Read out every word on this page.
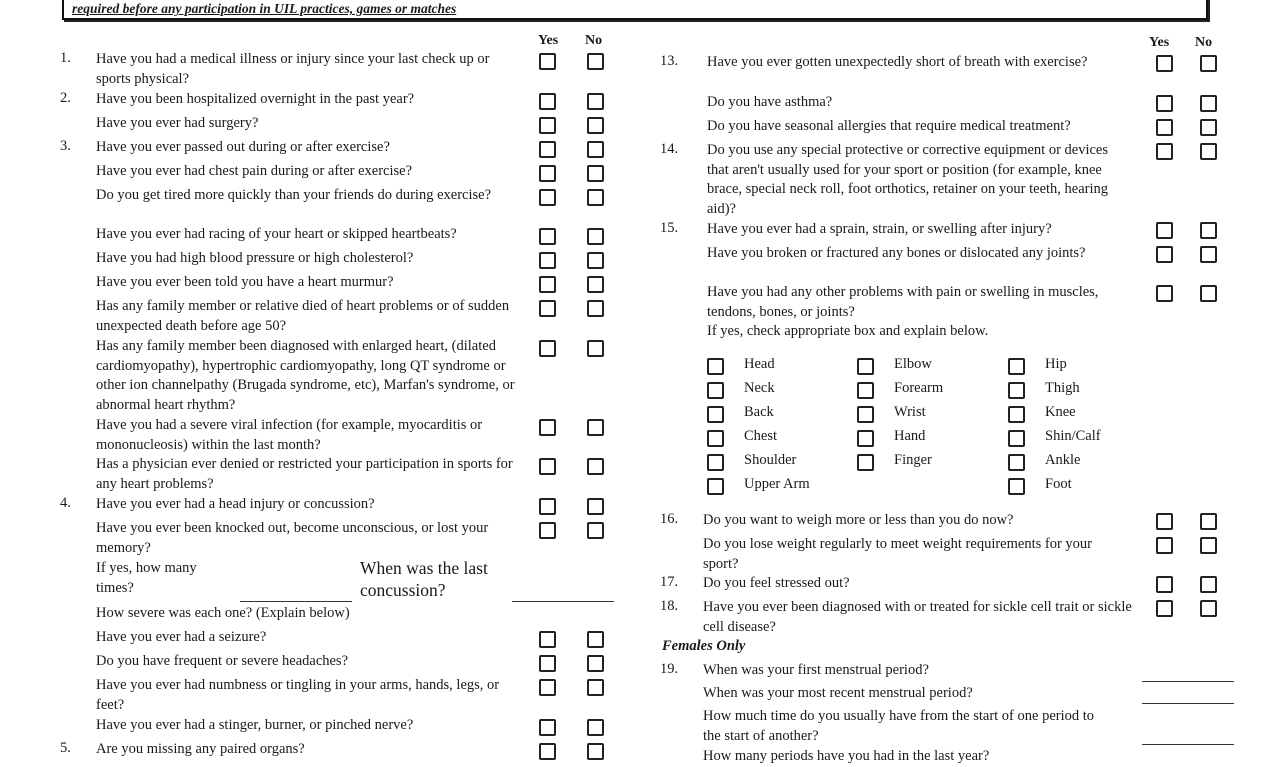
required before any participation in UIL practices, games or matches
Yes No
1. Have you had a medical illness or injury since your last check up or sports physical?
2. Have you been hospitalized overnight in the past year?
Have you ever had surgery?
3. Have you ever passed out during or after exercise?
Have you ever had chest pain during or after exercise?
Do you get tired more quickly than your friends do during exercise?
Have you ever had racing of your heart or skipped heartbeats?
Have you had high blood pressure or high cholesterol?
Have you ever been told you have a heart murmur?
Has any family member or relative died of heart problems or of sudden unexpected death before age 50?
Has any family member been diagnosed with enlarged heart, (dilated cardiomyopathy), hypertrophic cardiomyopathy, long QT syndrome or other ion channelpathy (Brugada syndrome, etc), Marfan's syndrome, or abnormal heart rhythm?
Have you had a severe viral infection (for example, myocarditis or mononucleosis) within the last month?
Has a physician ever denied or restricted your participation in sports for any heart problems?
4. Have you ever had a head injury or concussion?
Have you ever been knocked out, become unconscious, or lost your memory?
If yes, how many times?
When was the last concussion?
How severe was each one? (Explain below)
Have you ever had a seizure?
Do you have frequent or severe headaches?
Have you ever had numbness or tingling in your arms, hands, legs, or feet?
Have you ever had a stinger, burner, or pinched nerve?
5. Are you missing any paired organs?
Yes No
13. Have you ever gotten unexpectedly short of breath with exercise?
Do you have asthma?
Do you have seasonal allergies that require medical treatment?
14. Do you use any special protective or corrective equipment or devices that aren't usually used for your sport or position (for example, knee brace, special neck roll, foot orthotics, retainer on your teeth, hearing aid)?
15. Have you ever had a sprain, strain, or swelling after injury?
Have you broken or fractured any bones or dislocated any joints?
Have you had any other problems with pain or swelling in muscles, tendons, bones, or joints?
If yes, check appropriate box and explain below.
Head
Neck
Back
Chest
Shoulder
Upper Arm
Elbow
Forearm
Wrist
Hand
Finger
Hip
Thigh
Knee
Shin/Calf
Ankle
Foot
16. Do you want to weigh more or less than you do now?
Do you lose weight regularly to meet weight requirements for your sport?
17. Do you feel stressed out?
18. Have you ever been diagnosed with or treated for sickle cell trait or sickle cell disease?
Females Only
19. When was your first menstrual period?
When was your most recent menstrual period?
How much time do you usually have from the start of one period to the start of another?
How many periods have you had in the last year?
